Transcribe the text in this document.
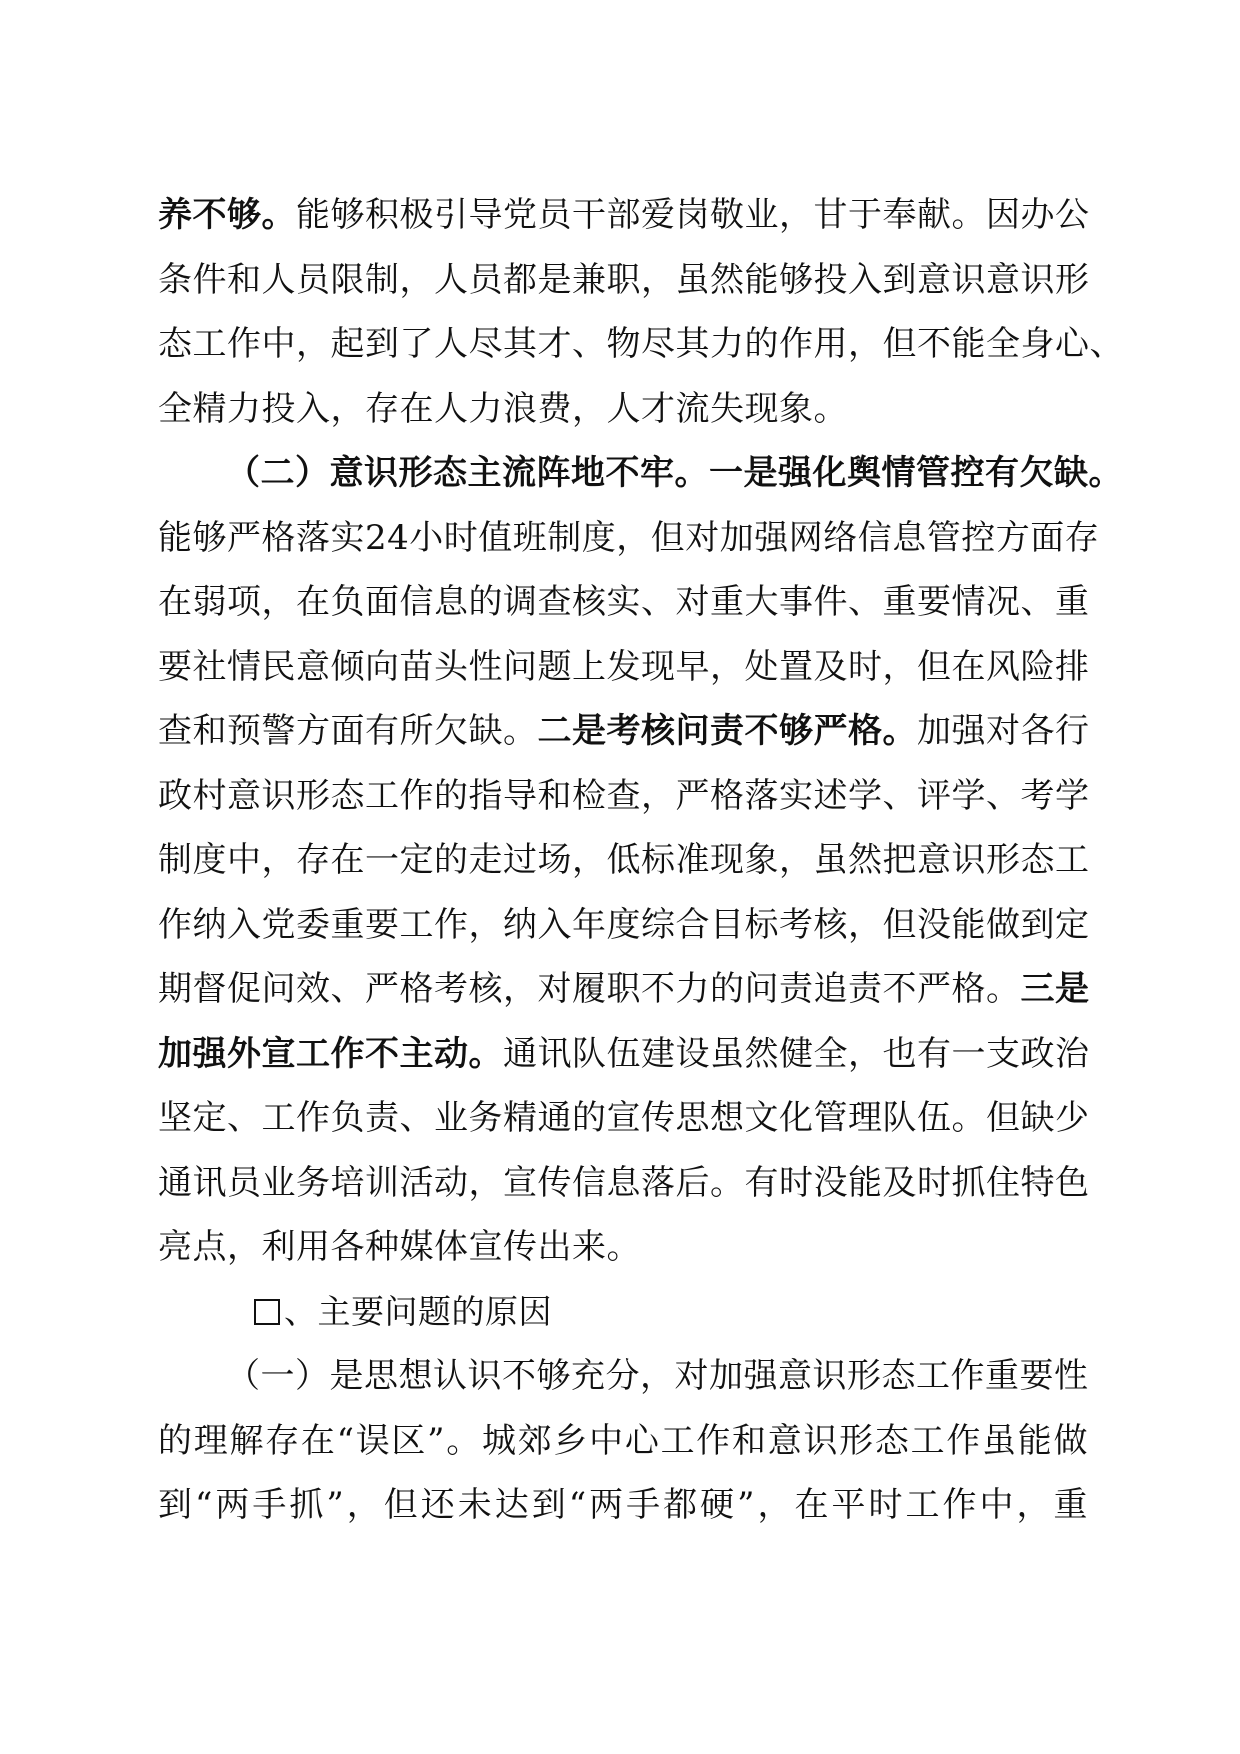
养不够。能够积极引导党员干部爱岗敬业，甘于奉献。因办公
条件和人员限制，人员都是兼职，虽然能够投入到意识意识形
态工作中，起到了人尽其才、物尽其力的作用，但不能全身心、
全精力投入，存在人力浪费，人才流失现象。
（二）意识形态主流阵地不牢。一是强化舆情管控有欠缺。
能够严格落实24小时值班制度，但对加强网络信息管控方面存
在弱项，在负面信息的调查核实、对重大事件、重要情况、重
要社情民意倾向苗头性问题上发现早，处置及时，但在风险排
查和预警方面有所欠缺。二是考核问责不够严格。加强对各行
政村意识形态工作的指导和检查，严格落实述学、评学、考学
制度中，存在一定的走过场，低标准现象，虽然把意识形态工
作纳入党委重要工作，纳入年度综合目标考核，但没能做到定
期督促问效、严格考核，对履职不力的问责追责不严格。三是
加强外宣工作不主动。通讯队伍建设虽然健全，也有一支政治
坚定、工作负责、业务精通的宣传思想文化管理队伍。但缺少
通讯员业务培训活动，宣传信息落后。有时没能及时抓住特色
亮点，利用各种媒体宣传出来。
、主要问题的原因
（一）是思想认识不够充分，对加强意识形态工作重要性
的理解存在“误区”。城郊乡中心工作和意识形态工作虽能做
到“两手抓”，但还未达到“两手都硬”，在平时工作中，重
